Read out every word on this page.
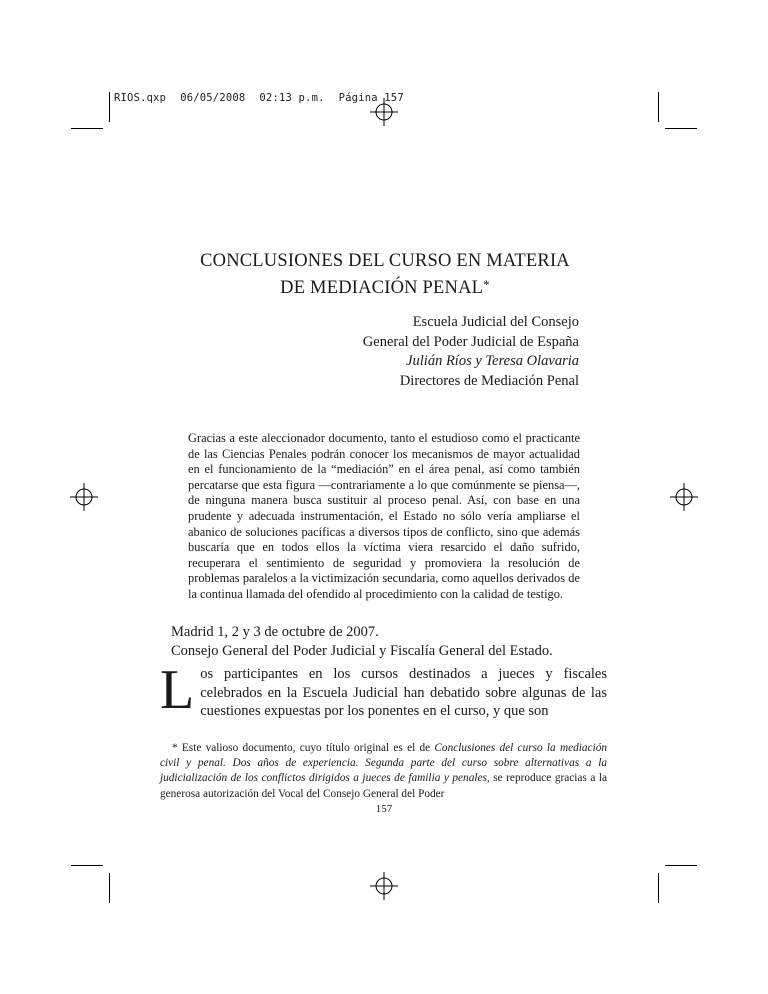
RIOS.qxp 06/05/2008 02:13 p.m. Página 157
CONCLUSIONES DEL CURSO EN MATERIA
DE MEDIACIÓN PENAL*
Escuela Judicial del Consejo
General del Poder Judicial de España
Julián Ríos y Teresa Olavaria
Directores de Mediación Penal
Gracias a este aleccionador documento, tanto el estudioso como el practicante de las Ciencias Penales podrán conocer los mecanismos de mayor actualidad en el funcionamiento de la “mediación” en el área penal, así como también percatarse que esta figura —contrariamente a lo que comúnmente se piensa—, de ninguna manera busca sustituir al proceso penal. Así, con base en una prudente y adecuada instrumentación, el Estado no sólo vería ampliarse el abanico de soluciones pacíficas a diversos tipos de conflicto, sino que además buscaría que en todos ellos la víctima viera resarcido el daño sufrido, recuperara el sentimiento de seguridad y promoviera la resolución de problemas paralelos a la victimización secundaria, como aquellos derivados de la continua llamada del ofendido al procedimiento con la calidad de testigo.
Madrid 1, 2 y 3 de octubre de 2007.
Consejo General del Poder Judicial y Fiscalía General del Estado.
Los participantes en los cursos destinados a jueces y fiscales celebrados en la Escuela Judicial han debatido sobre algunas de las cuestiones expuestas por los ponentes en el curso, y que son
* Este valioso documento, cuyo título original es el de Conclusiones del curso la mediación civil y penal. Dos años de experiencia. Segunda parte del curso sobre alternativas a la judicialización de los conflictos dirigidos a jueces de familia y penales, se reproduce gracias a la generosa autorización del Vocal del Consejo General del Poder
157
